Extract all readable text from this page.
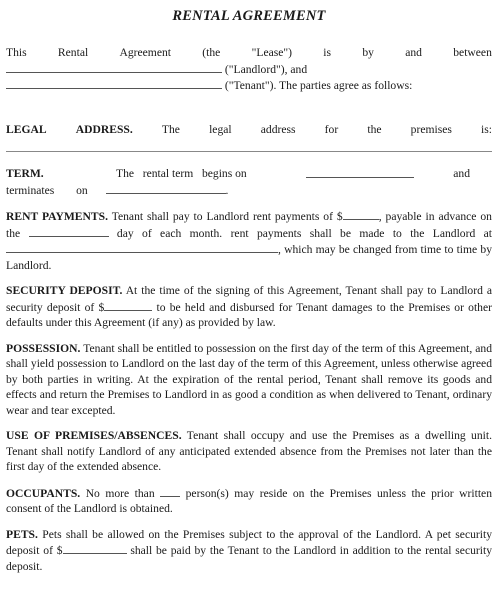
RENTAL AGREEMENT
This	Rental	Agreement	(the	"Lease")	is	by	and	between
("Landlord"), and
("Tenant"). The parties agree as follows:
LEGAL	ADDRESS.	The	legal	address	for	the	premises	is:
TERM.	The   rental term   begins on	and
terminates on	.

RENT PAYMENTS. Tenant shall pay to Landlord rent payments of $	, payable in advance on the	day of each month. rent payments shall be made to the Landlord at , which may be changed from time to time by Landlord.

SECURITY DEPOSIT. At the time of the signing of this Agreement, Tenant shall pay to Landlord a security deposit of $	to be held and disbursed for Tenant damages to the Premises or other defaults under this Agreement (if any) as provided by law.

POSSESSION. Tenant shall be entitled to possession on the first day of the term of this Agreement, and shall yield possession to Landlord on the last day of the term of this Agreement, unless otherwise agreed by both parties in writing. At the expiration of the rental period, Tenant shall remove its goods and effects and return the Premises to Landlord in as good a condition as when delivered to Tenant, ordinary wear and tear excepted.

USE OF PREMISES/ABSENCES. Tenant shall occupy and use the Premises as a dwelling unit. Tenant shall notify Landlord of any anticipated extended absence from the Premises not later than the first day of the extended absence.

OCCUPANTS. No more than	person(s) may reside on the Premises unless the prior written consent of the Landlord is obtained.

PETS. Pets shall be allowed on the Premises subject to the approval of the Landlord. A pet security deposit of $	shall be paid by the Tenant to the Landlord in addition to the rental security deposit.
